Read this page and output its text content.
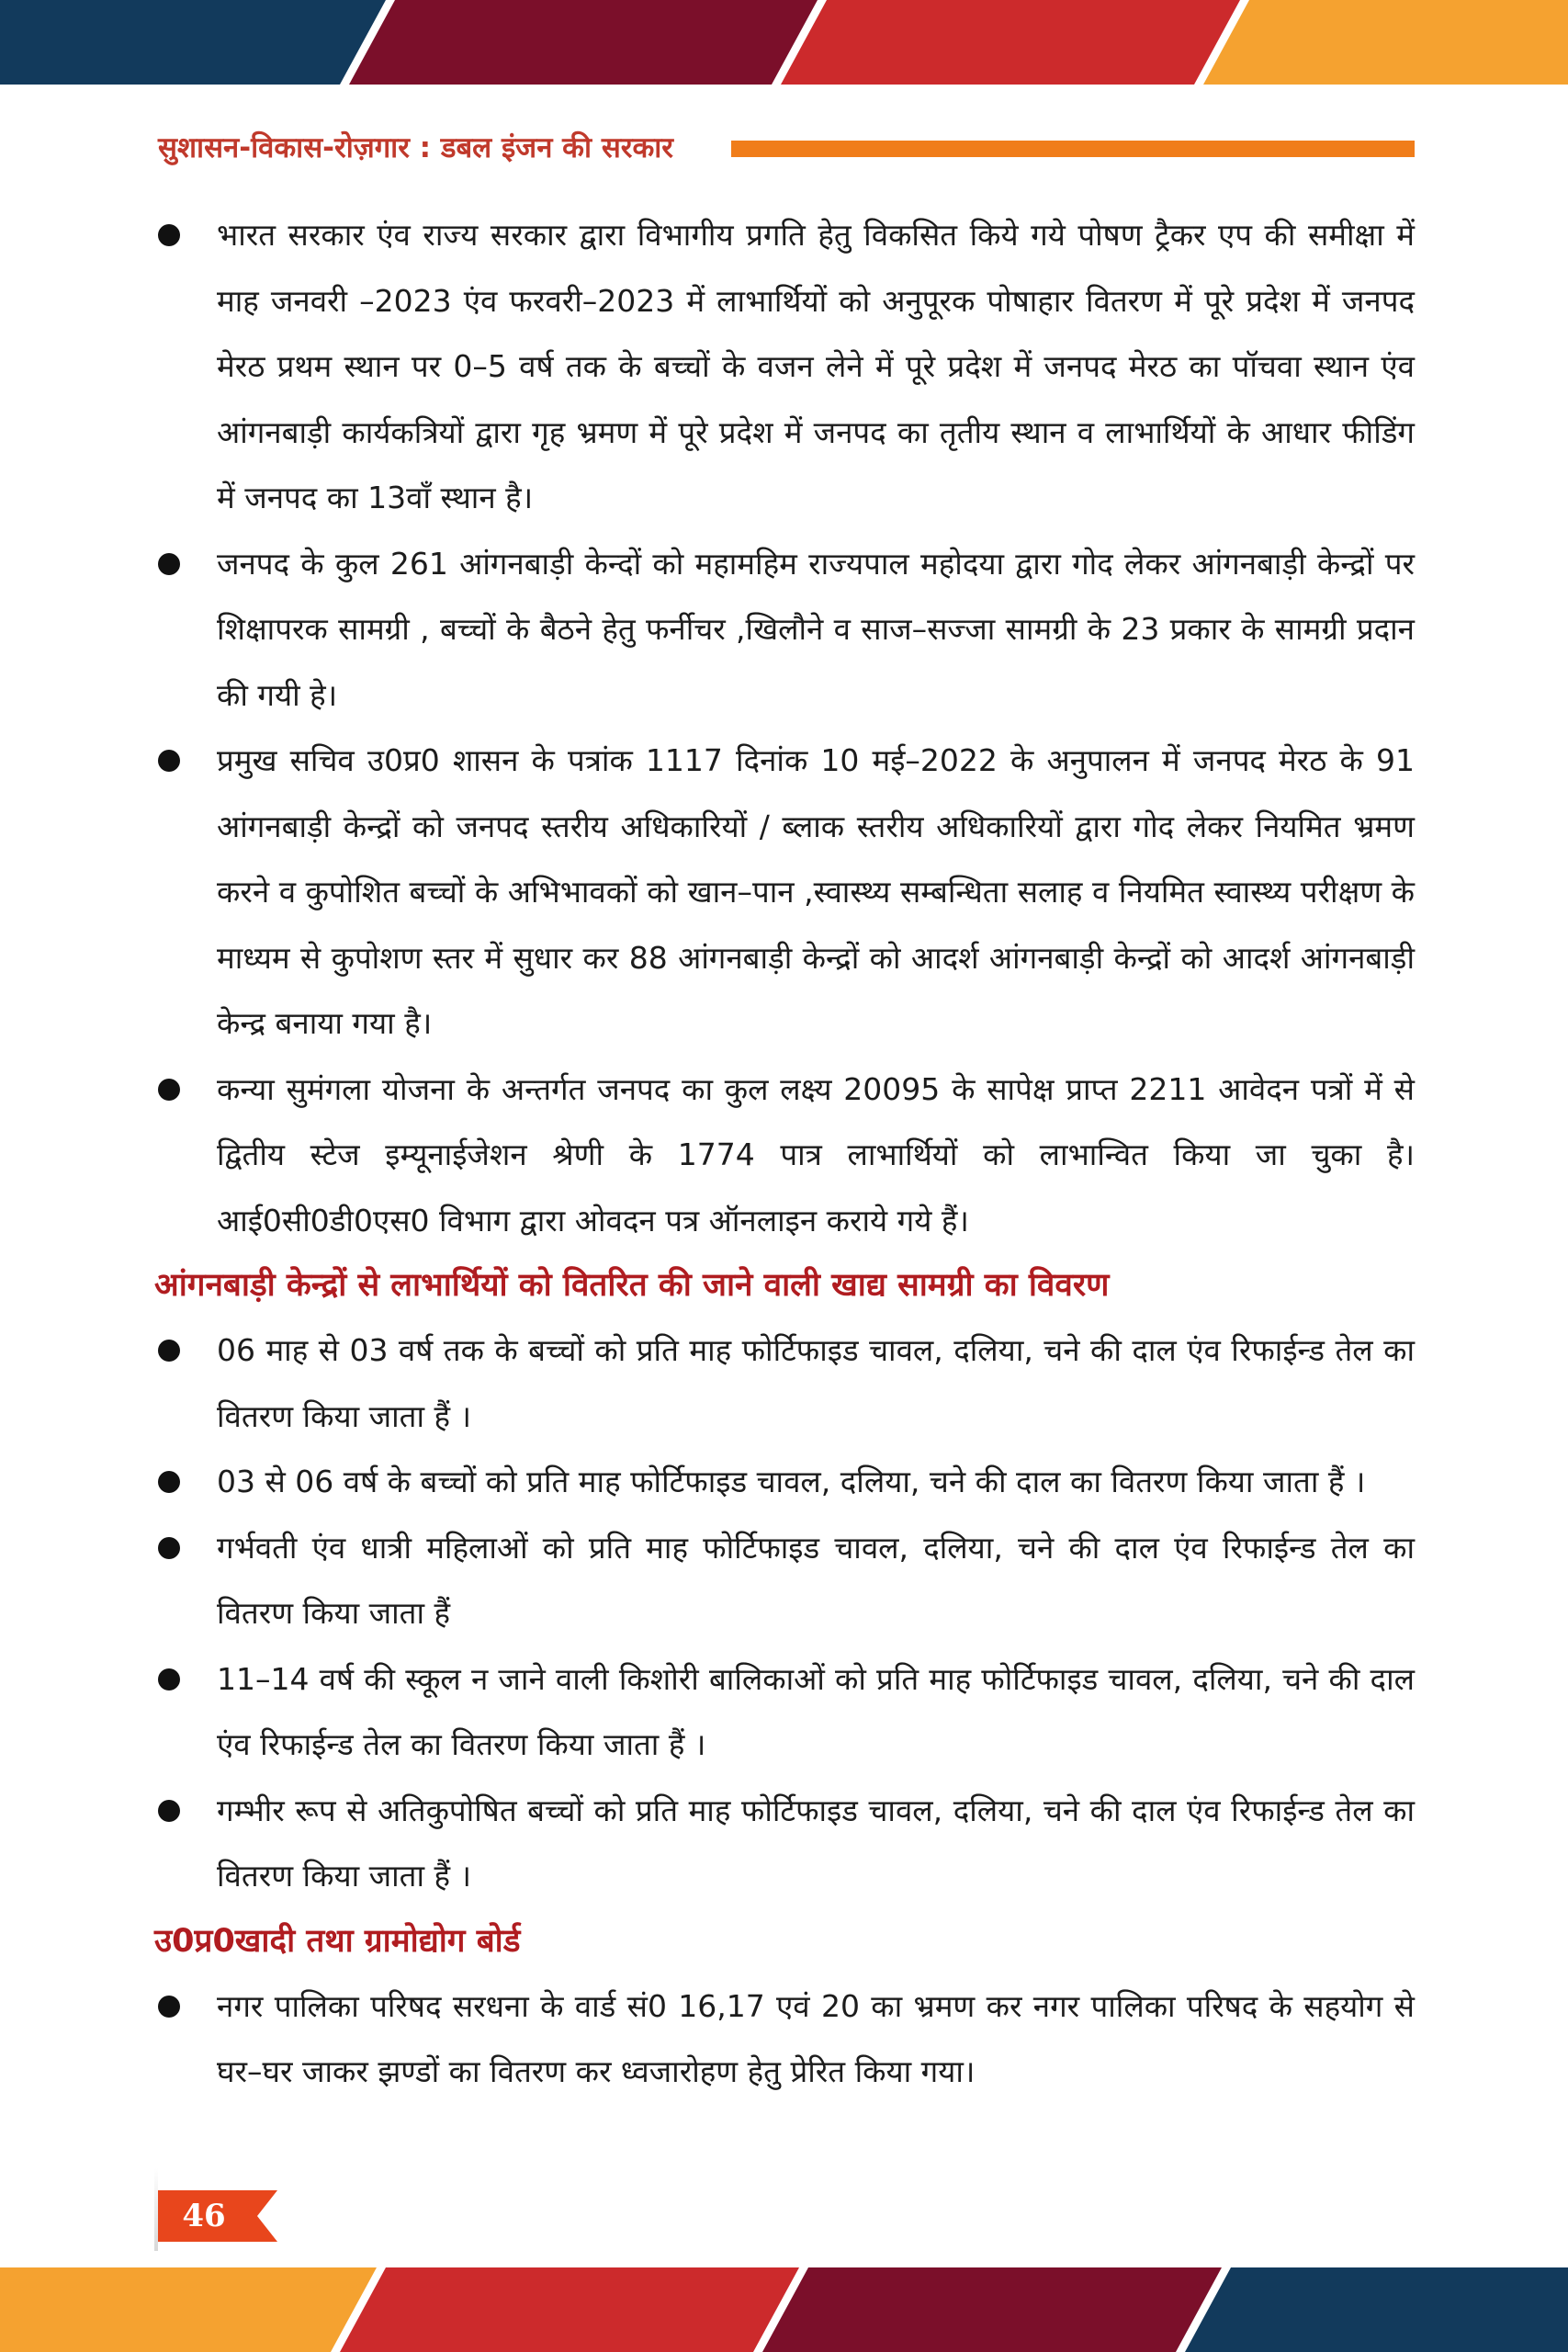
सुशासन-विकास-रोज़गार : डबल इंजन की सरकार
भारत सरकार एंव राज्य सरकार द्वारा विभागीय प्रगति हेतु विकसित किये गये पोषण ट्रैकर एप की समीक्षा में माह जनवरी –2023 एंव फरवरी–2023 में लाभार्थियों को अनुपूरक पोषाहार वितरण में पूरे प्रदेश में जनपद मेरठ प्रथम स्थान पर 0–5 वर्ष तक के बच्चों के वजन लेने में पूरे प्रदेश में जनपद मेरठ का पॉचवा स्थान एंव आंगनबाड़ी कार्यकत्रियों द्वारा गृह भ्रमण में पूरे प्रदेश में जनपद का तृतीय स्थान व लाभार्थियों के आधार फीडिंग में जनपद का 13वॉं स्थान है।
जनपद के कुल 261 आंगनबाड़ी केन्दों को महामहिम राज्यपाल महोदया द्वारा गोद लेकर आंगनबाड़ी केन्द्रों पर शिक्षापरक सामग्री , बच्चों के बैठने हेतु फर्नीचर ,खिलौने व साज–सज्जा सामग्री के 23 प्रकार के सामग्री प्रदान की गयी हे।
प्रमुख सचिव उ0प्र0 शासन के पत्रांक 1117 दिनांक 10 मई–2022 के अनुपालन में जनपद मेरठ के 91 आंगनबाड़ी केन्द्रों को जनपद स्तरीय अधिकारियों / ब्लाक स्तरीय अधिकारियों द्वारा गोद लेकर नियमित भ्रमण करने व कुपोशित बच्चों के अभिभावकों को खान–पान ,स्वास्थ्य सम्बन्धिता सलाह व नियमित स्वास्थ्य परीक्षण के माध्यम से कुपोशण स्तर में सुधार कर 88 आंगनबाड़ी केन्द्रों को आदर्श आंगनबाड़ी केन्द्रों को आदर्श आंगनबाड़ी केन्द्र बनाया गया है।
कन्या सुमंगला योजना के अन्तर्गत जनपद का कुल लक्ष्य 20095 के सापेक्ष प्राप्त 2211 आवेदन पत्रों में से द्वितीय स्टेज इम्यूनाईजेशन श्रेणी के 1774 पात्र लाभार्थियों को लाभान्वित किया जा चुका है। आई0सी0डी0एस0 विभाग द्वारा ओवदन पत्र ऑनलाइन कराये गये हैं।
आंगनबाड़ी केन्द्रों से लाभार्थियों को वितरित की जाने वाली खाद्य सामग्री का विवरण
06 माह से 03 वर्ष तक के बच्चों को प्रति माह फोर्टिफाइड चावल, दलिया, चने की दाल एंव रिफाईन्ड तेल का वितरण किया जाता हैं ।
03 से 06 वर्ष के बच्चों को प्रति माह फोर्टिफाइड चावल, दलिया, चने की दाल का वितरण किया जाता हैं ।
गर्भवती एंव धात्री महिलाओं को प्रति माह फोर्टिफाइड चावल, दलिया, चने की दाल एंव रिफाईन्ड तेल का वितरण किया जाता हैं
11–14 वर्ष की स्कूल न जाने वाली किशोरी बालिकाओं को प्रति माह फोर्टिफाइड चावल, दलिया, चने की दाल एंव रिफाईन्ड तेल का वितरण किया जाता हैं ।
गम्भीर रूप से अतिकुपोषित बच्चों को प्रति माह फोर्टिफाइड चावल, दलिया, चने की दाल एंव रिफाईन्ड तेल का वितरण किया जाता हैं ।
उ0प्र0खादी तथा ग्रामोद्योग बोर्ड
नगर पालिका परिषद सरधना के वार्ड सं0 16,17 एवं 20 का भ्रमण कर नगर पालिका परिषद के सहयोग से घर–घर जाकर झण्डों का वितरण कर ध्वजारोहण हेतु प्रेरित किया गया।
46
